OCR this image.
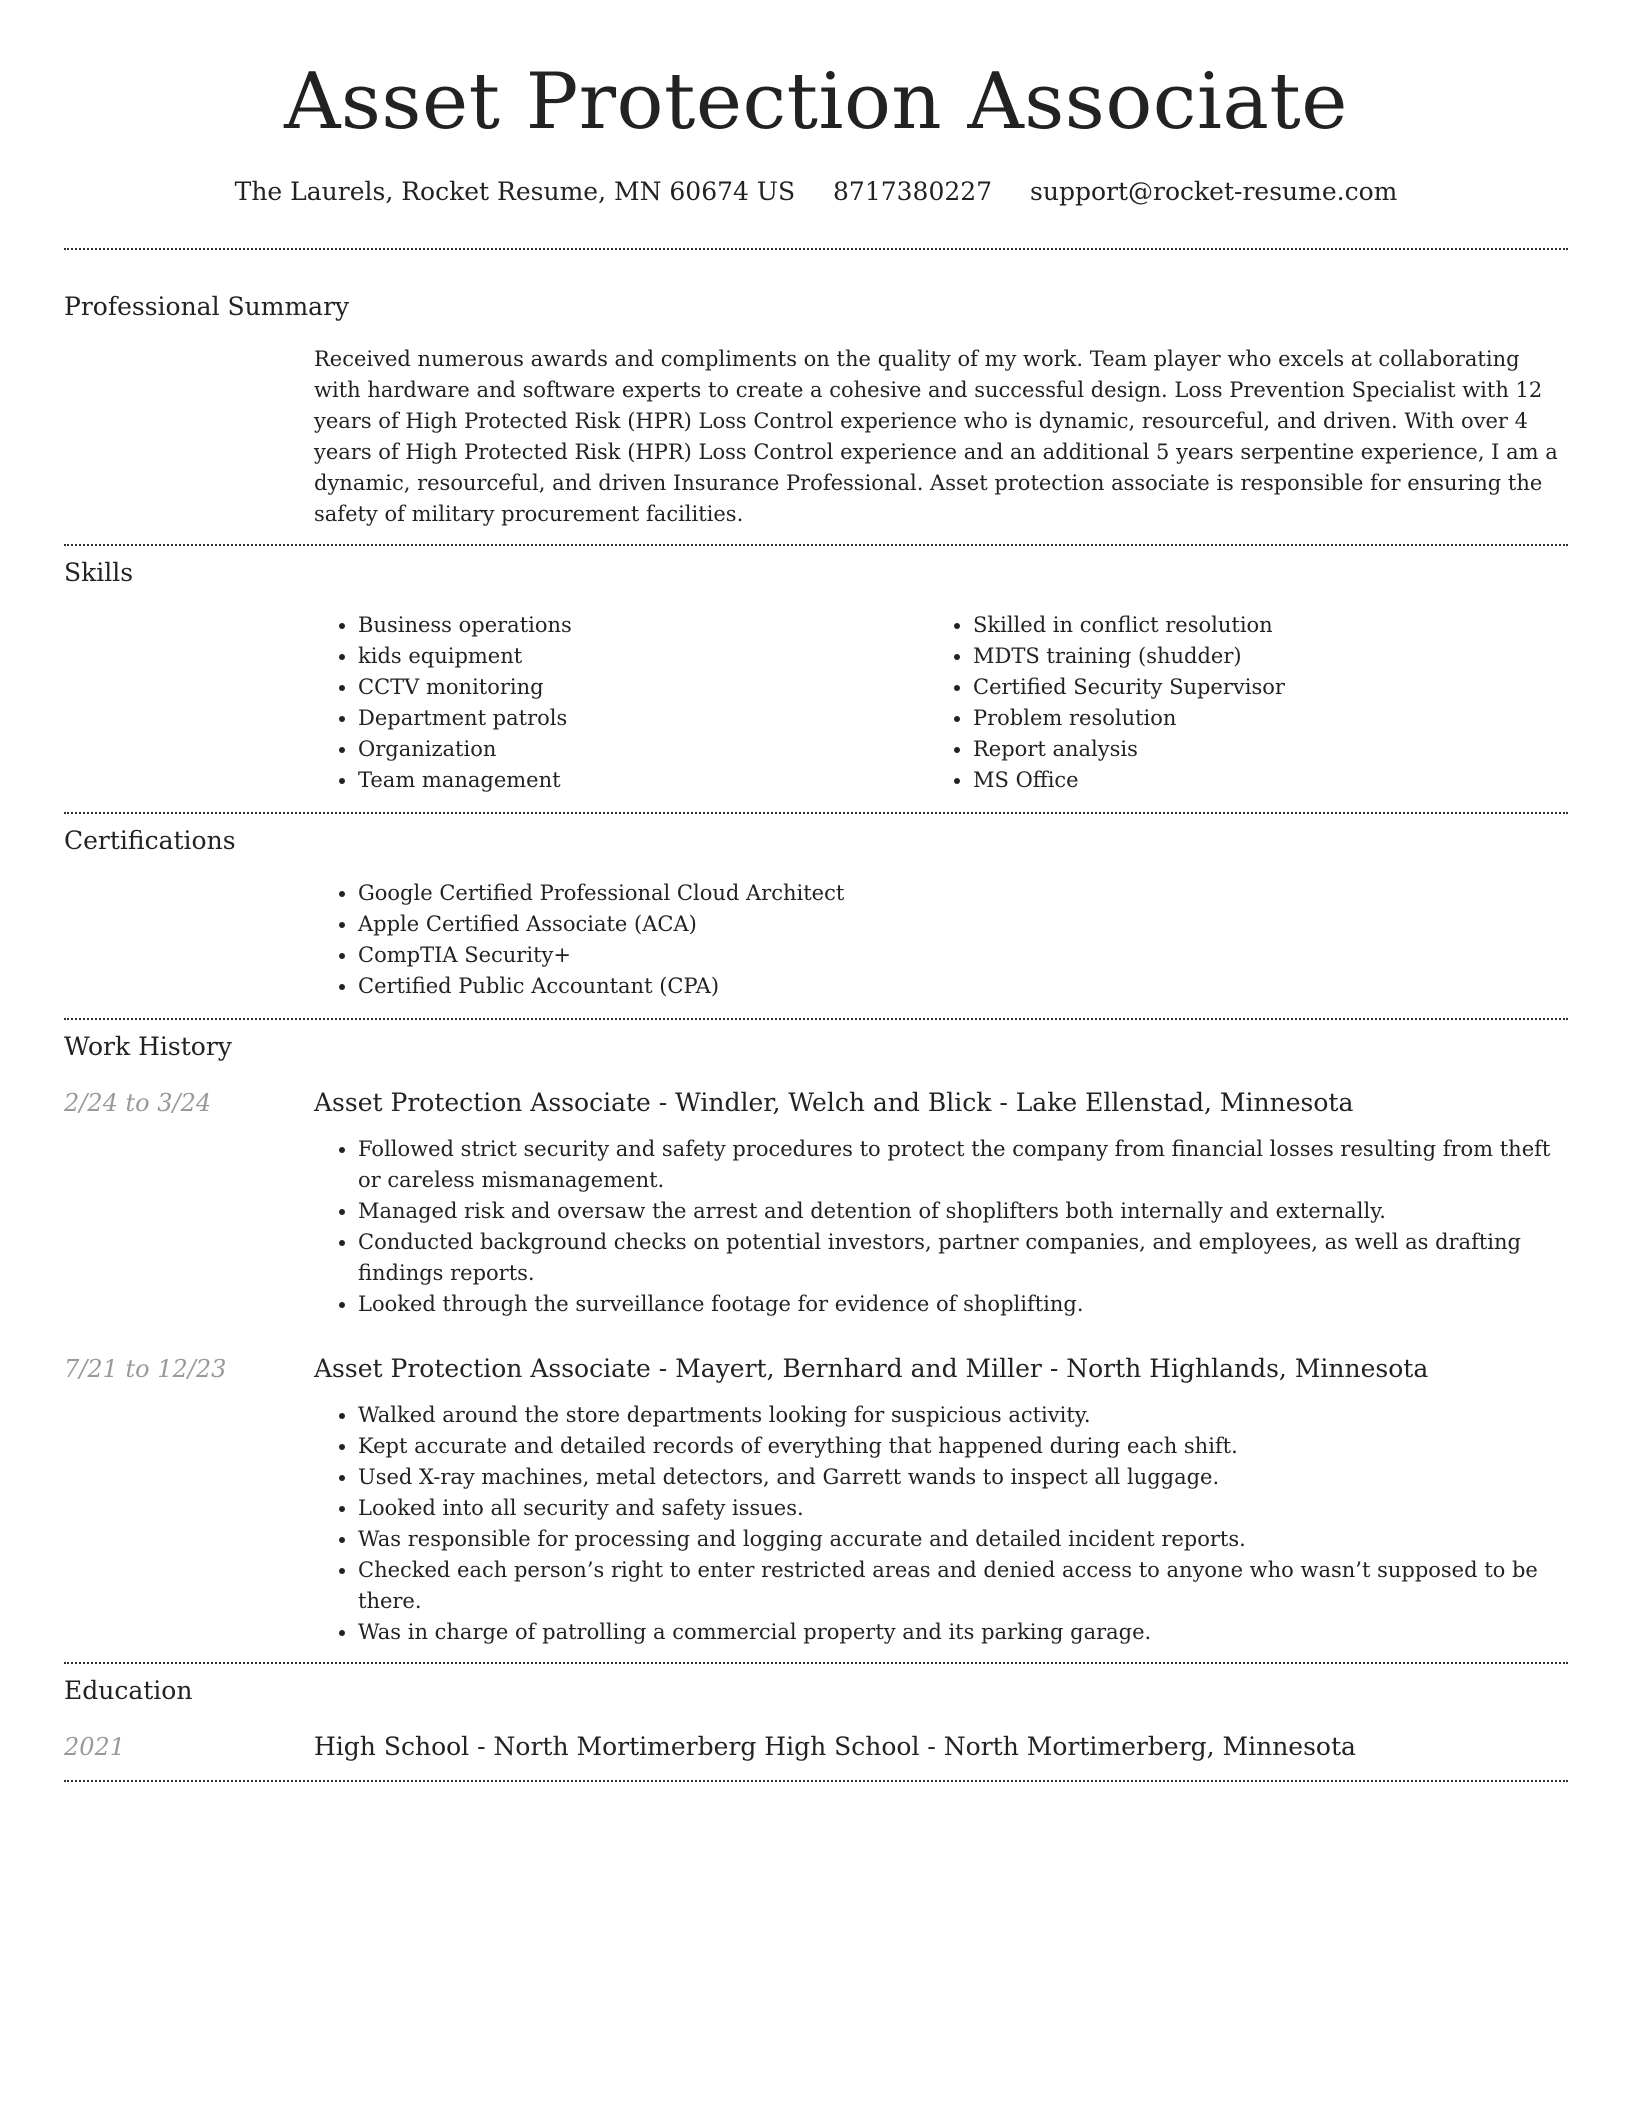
Asset Protection Associate
The Laurels, Rocket Resume, MN 60674 US 8717380227 support@rocket-resume.com
Professional Summary

Received numerous awards and compliments on the quality of my work. Team player who excels at collaborating with hardware and software experts to create a cohesive and successful design. Loss Prevention Specialist with 12 years of High Protected Risk (HPR) Loss Control experience who is dynamic, resourceful, and driven. With over 4 years of High Protected Risk (HPR) Loss Control experience and an additional 5 years serpentine experience, I am a dynamic, resourceful, and driven Insurance Professional. Asset protection associate is responsible for ensuring the safety of military procurement facilities.

Skills
• Business operations
• kids equipment
• CCTV monitoring
• Department patrols
• Organization
• Team management
• Skilled in conflict resolution
• MDTS training (shudder)
• Certified Security Supervisor
• Problem resolution
• Report analysis
• MS Office
Certifications
• Google Certified Professional Cloud Architect
• Apple Certified Associate (ACA)
• CompTIA Security+
• Certified Public Accountant (CPA)
Work History
2/24 to 3/24	Asset Protection Associate - Windler, Welch and Blick - Lake Ellenstad, Minnesota
• Followed strict security and safety procedures to protect the company from financial losses resulting from theft or careless mismanagement.
• Managed risk and oversaw the arrest and detention of shoplifters both internally and externally.
• Conducted background checks on potential investors, partner companies, and employees, as well as drafting findings reports.
• Looked through the surveillance footage for evidence of shoplifting.
7/21 to 12/23	Asset Protection Associate - Mayert, Bernhard and Miller - North Highlands, Minnesota
• Walked around the store departments looking for suspicious activity.
• Kept accurate and detailed records of everything that happened during each shift.
• Used X-ray machines, metal detectors, and Garrett wands to inspect all luggage.
• Looked into all security and safety issues.
• Was responsible for processing and logging accurate and detailed incident reports.
• Checked each person’s right to enter restricted areas and denied access to anyone who wasn’t supposed to be there.
• Was in charge of patrolling a commercial property and its parking garage.
Education
2021	High School - North Mortimerberg High School - North Mortimerberg, Minnesota
